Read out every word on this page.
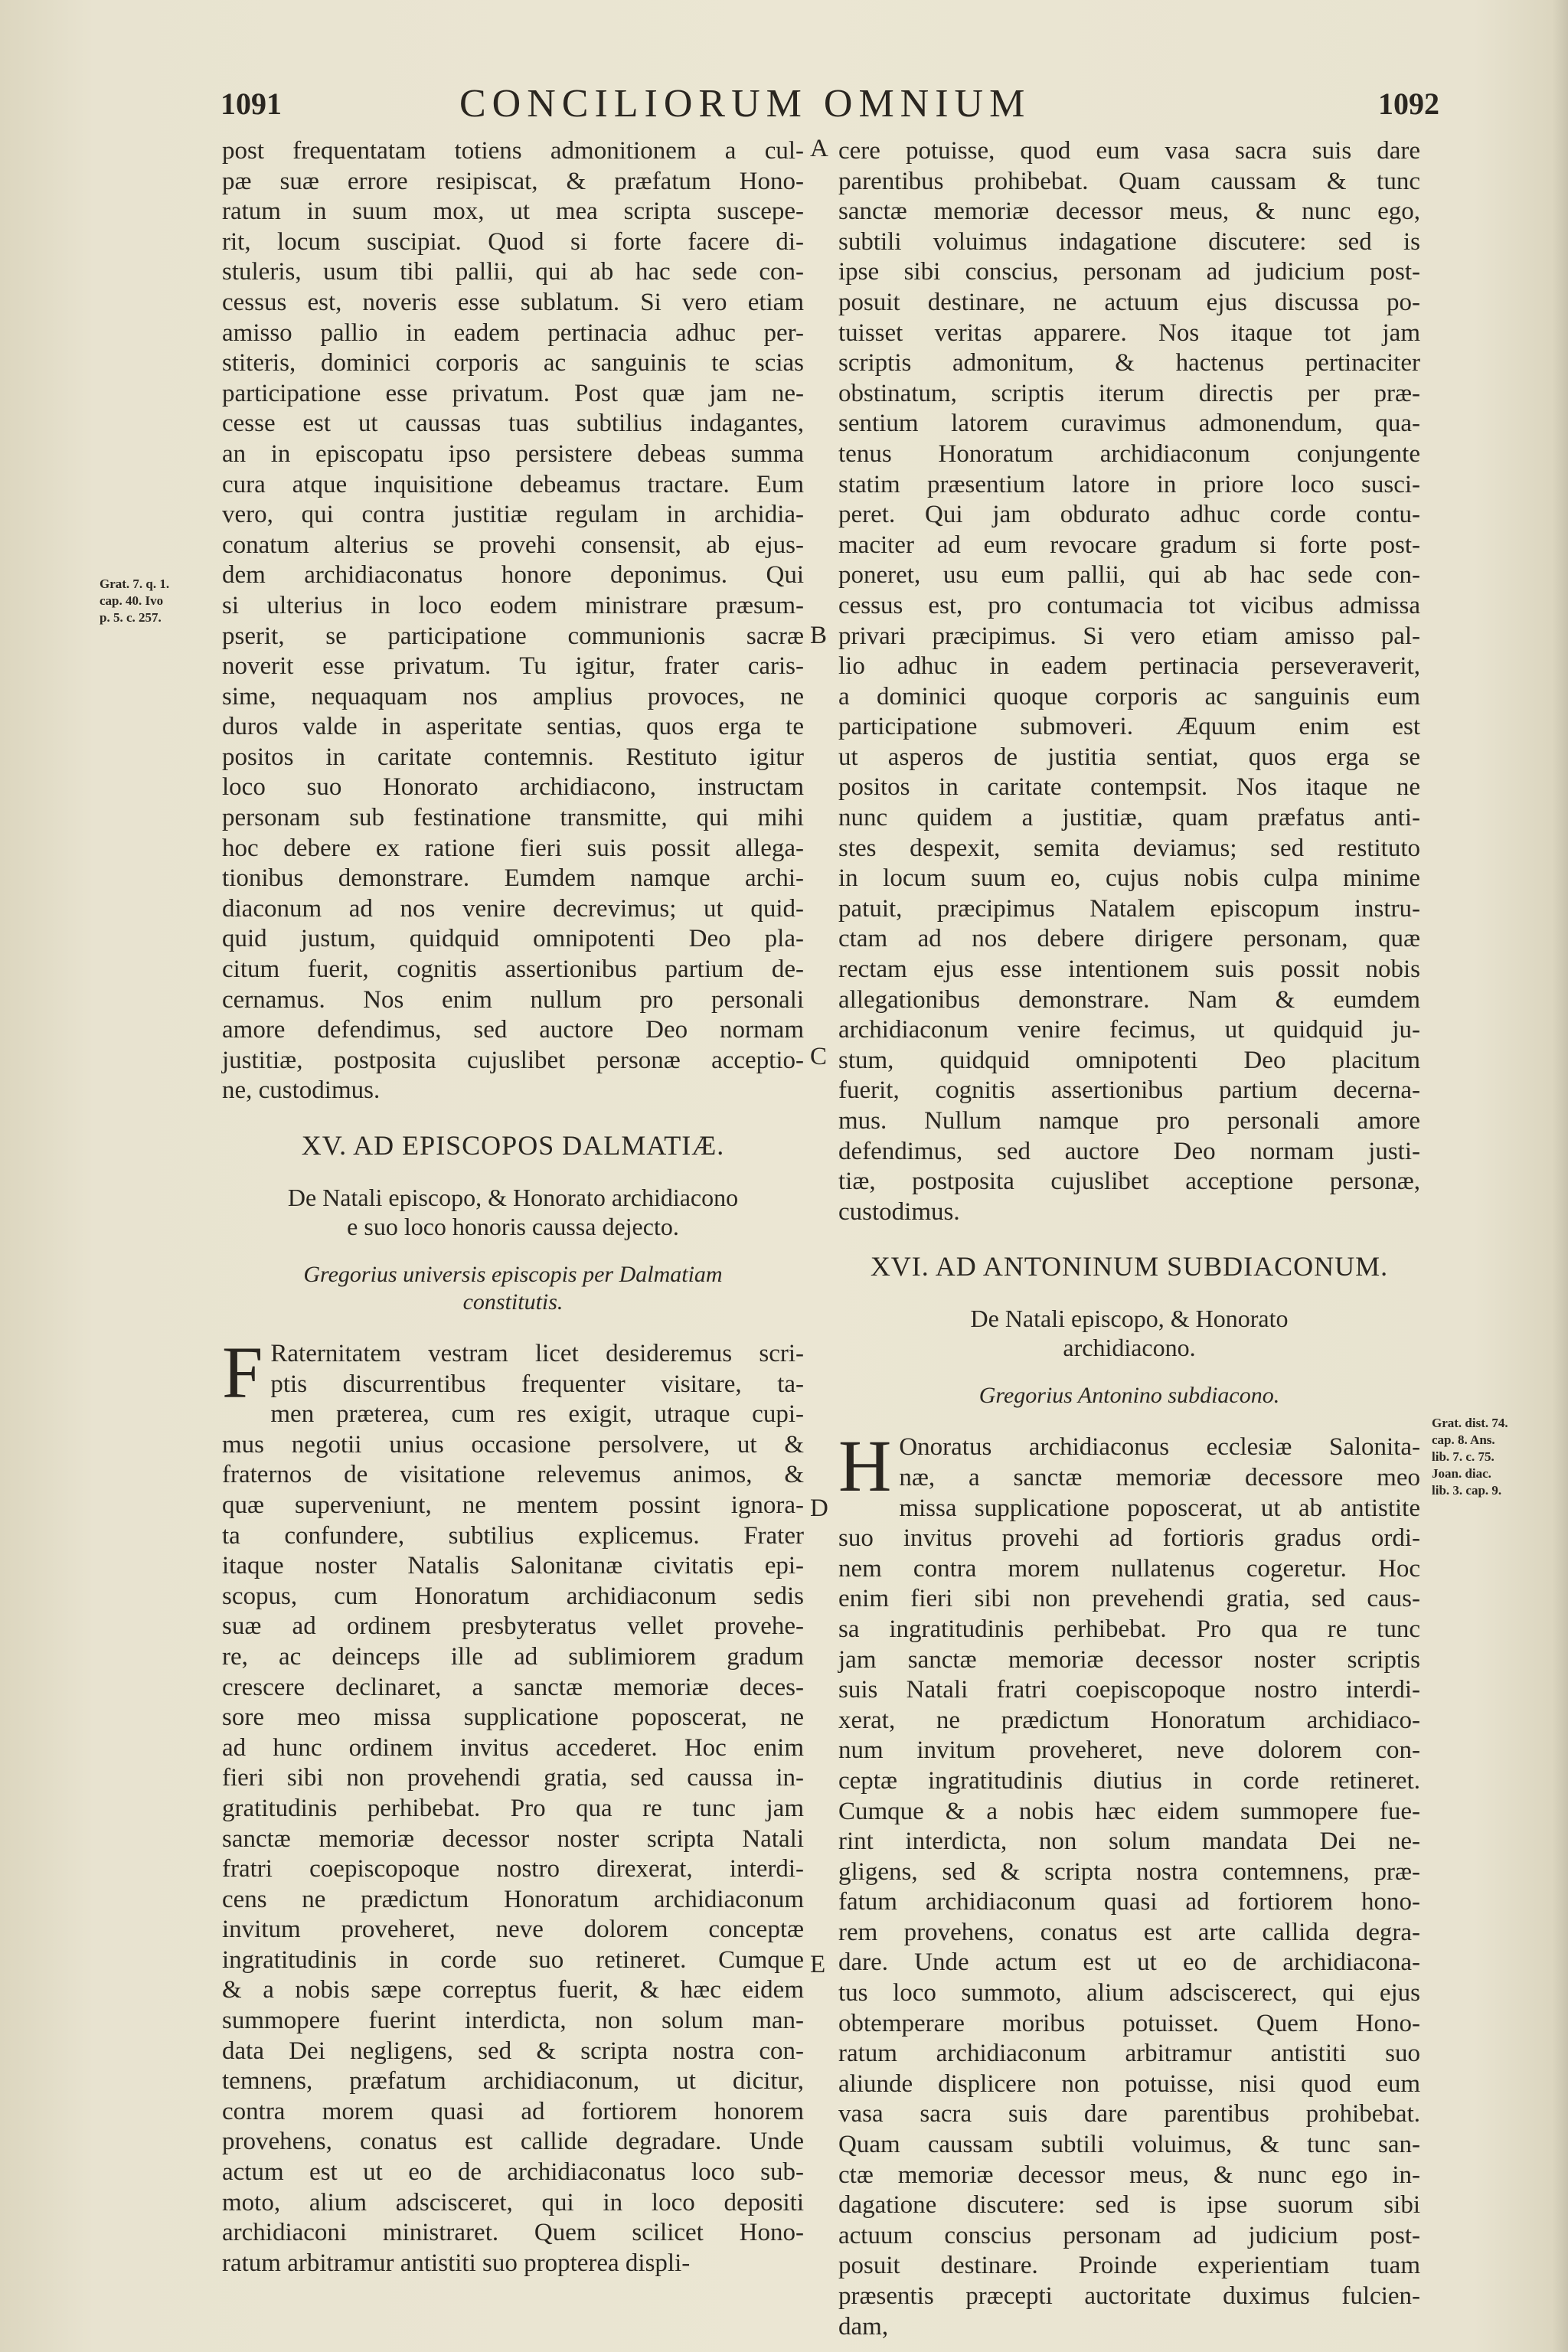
1091	CONCILIORUM OMNIUM	1092
post frequentatam totiens admonitionem a cul-
pæ suæ errore resipiscat, & præfatum Hono-
ratum in suum mox, ut mea scripta suscepe-
rit, locum suscipiat. Quod si forte facere di-
stuleris, usum tibi pallii, qui ab hac sede con-
cessus est, noveris esse sublatum. Si vero etiam
amisso pallio in eadem pertinacia adhuc per-
stiteris, dominici corporis ac sanguinis te scias
participatione esse privatum. Post quæ jam ne-
cesse est ut caussas tuas subtilius indagantes,
an in episcopatu ipso persistere debeas summa
cura atque inquisitione debeamus tractare. Eum
vero, qui contra justitiæ regulam in archidia-
conatum alterius se provehi consensit, ab ejus-
dem archidiaconatus honore deponimus. Qui
si ulterius in loco eodem ministrare præsum-
pserit, se participatione communionis sacræ
noverit esse privatum. Tu igitur, frater caris-
sime, nequaquam nos amplius provoces, ne
duros valde in asperitate sentias, quos erga te
positos in caritate contemnis. Restituto igitur
loco suo Honorato archidiacono, instructam
personam sub festinatione transmitte, qui mihi
hoc debere ex ratione fieri suis possit allega-
tionibus demonstrare. Eumdem namque archi-
diaconum ad nos venire decrevimus; ut quid-
quid justum, quidquid omnipotenti Deo pla-
citum fuerit, cognitis assertionibus partium de-
cernamus. Nos enim nullum pro personali
amore defendimus, sed auctore Deo normam
justitiæ, postposita cujuslibet personæ acceptio-
ne, custodimus.
XV. AD EPISCOPOS DALMATIÆ.
De Natali episcopo, & Honorato archidiacono
e suo loco honoris caussa dejecto.
Gregorius universis episcopis per Dalmatiam
constitutis.
F Raternitatem vestram licet desideremus scri-
ptis discurrentibus frequenter visitare, ta-
men præterea, cum res exigit, utraque cupi-
mus negotii unius occasione persolvere, ut &
fraternos de visitatione relevemus animos, &
quæ superveniunt, ne mentem possint ignora-
ta confundere, subtilius explicemus. Frater
itaque noster Natalis Salonitanæ civitatis epi-
scopus, cum Honoratum archidiaconum sedis
suæ ad ordinem presbyteratus vellet provehe-
re, ac deinceps ille ad sublimiorem gradum
crescere declinaret, a sanctæ memoriæ deces-
sore meo missa supplicatione poposcerat, ne
ad hunc ordinem invitus accederet. Hoc enim
fieri sibi non provehendi gratia, sed caussa in-
gratitudinis perhibebat. Pro qua re tunc jam
sanctæ memoriæ decessor noster scripta Natali
fratri coepiscopoque nostro direxerat, interdi-
cens ne prædictum Honoratum archidiaconum
invitum proveheret, neve dolorem conceptæ
ingratitudinis in corde suo retineret. Cumque
& a nobis sæpe correptus fuerit, & hæc eidem
summopere fuerint interdicta, non solum man-
data Dei negligens, sed & scripta nostra con-
temnens, præfatum archidiaconum, ut dicitur,
contra morem quasi ad fortiorem honorem
provehens, conatus est callide degradare. Unde
actum est ut eo de archidiaconatus loco sub-
moto, alium adscisceret, qui in loco depositi
archidiaconi ministraret. Quem scilicet Hono-
ratum arbitramur antistiti suo propterea displi-
cere potuisse, quod eum vasa sacra suis dare
parentibus prohibebat. Quam caussam & tunc
sanctæ memoriæ decessor meus, & nunc ego,
subtili voluimus indagatione discutere: sed is
ipse sibi conscius, personam ad judicium post-
posuit destinare, ne actuum ejus discussa po-
tuisset veritas apparere. Nos itaque tot jam
scriptis admonitum, & hactenus pertinaciter
obstinatum, scriptis iterum directis per præ-
sentium latorem curavimus admonendum, qua-
tenus Honoratum archidiaconum conjungente
statim præsentium latore in priore loco susci-
peret. Qui jam obdurato adhuc corde contu-
maciter ad eum revocare gradum si forte post-
poneret, usu eum pallii, qui ab hac sede con-
cessus est, pro contumacia tot vicibus admissa
privari præcipimus. Si vero etiam amisso pal-
lio adhuc in eadem pertinacia perseveraverit,
a dominici quoque corporis ac sanguinis eum
participatione submoveri. Æquum enim est
ut asperos de justitia sentiat, quos erga se
positos in caritate contempsit. Nos itaque ne
nunc quidem a justitiæ, quam præfatus anti-
stes despexit, semita deviamus; sed restituto
in locum suum eo, cujus nobis culpa minime
patuit, præcipimus Natalem episcopum instru-
ctam ad nos debere dirigere personam, quæ
rectam ejus esse intentionem suis possit nobis
allegationibus demonstrare. Nam & eumdem
archidiaconum venire fecimus, ut quidquid ju-
stum, quidquid omnipotenti Deo placitum
fuerit, cognitis assertionibus partium decerna-
mus. Nullum namque pro personali amore
defendimus, sed auctore Deo normam justi-
tiæ, postposita cujuslibet acceptione personæ,
custodimus.
XVI. AD ANTONINUM SUBDIACONUM.
De Natali episcopo, & Honorato
archidiacono.
Gregorius Antonino subdiacono.
H Onoratus archidiaconus ecclesiæ Salonita-
næ, a sanctæ memoriæ decessore meo
missa supplicatione poposcerat, ut ab antistite
suo invitus provehi ad fortioris gradus ordi-
nem contra morem nullatenus cogeretur. Hoc
enim fieri sibi non prevehendi gratia, sed caus-
sa ingratitudinis perhibebat. Pro qua re tunc
jam sanctæ memoriæ decessor noster scriptis
suis Natali fratri coepiscopoque nostro interdi-
xerat, ne prædictum Honoratum archidiaco-
num invitum proveheret, neve dolorem con-
ceptæ ingratitudinis diutius in corde retineret.
Cumque & a nobis hæc eidem summopere fue-
rint interdicta, non solum mandata Dei ne-
gligens, sed & scripta nostra contemnens, præ-
fatum archidiaconum quasi ad fortiorem hono-
rem provehens, conatus est arte callida degra-
dare. Unde actum est ut eo de archidiacona-
tus loco summoto, alium adsciscerect, qui ejus
obtemperare moribus potuisset. Quem Hono-
ratum archidiaconum arbitramur antistiti suo
aliunde displicere non potuisse, nisi quod eum
vasa sacra suis dare parentibus prohibebat.
Quam caussam subtili voluimus, & tunc san-
ctæ memoriæ decessor meus, & nunc ego in-
dagatione discutere: sed is ipse suorum sibi
actuum conscius personam ad judicium post-
posuit destinare. Proinde experientiam tuam
præsentis præcepti auctoritate duximus fulcien-
dam,
Grat. 7. q. 1.
cap. 40. Ivo
p. 5. c. 257.
Grat. dist. 74.
cap. 8. Ans.
lib. 7. c. 75.
Joan. diac.
lib. 3. cap. 9.
A
B
C
D
E
